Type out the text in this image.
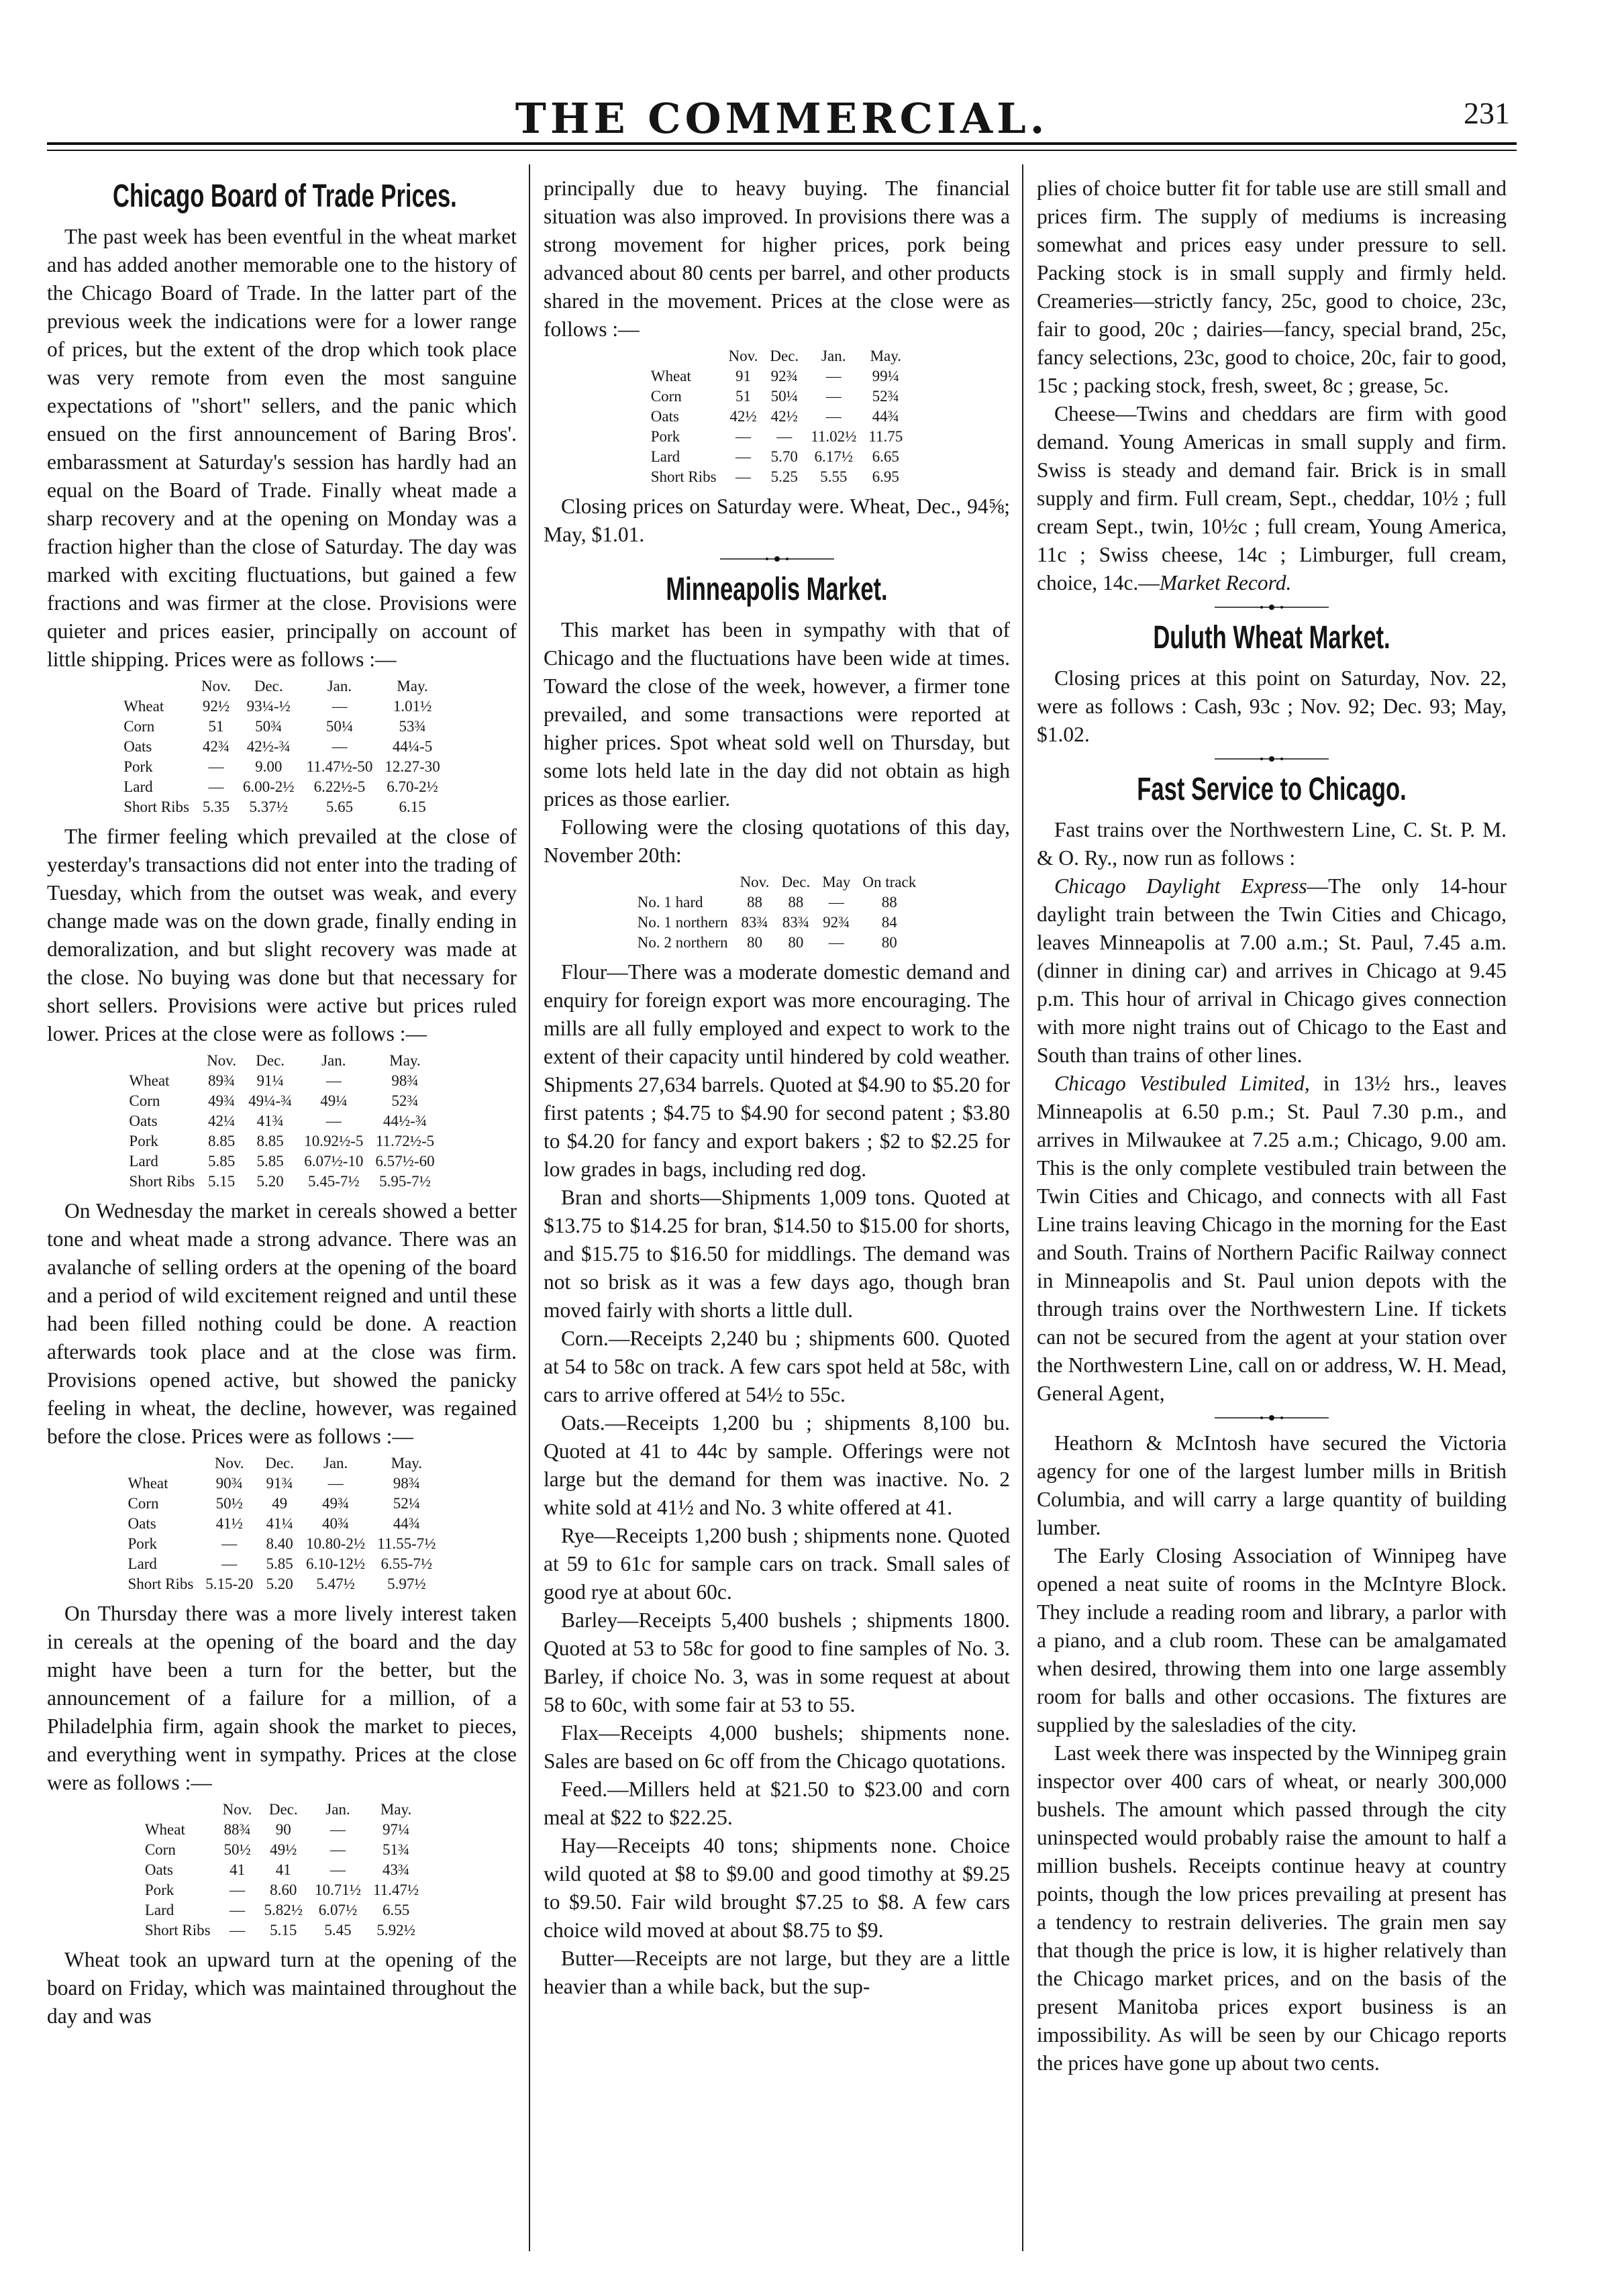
THE COMMERCIAL.	231
Chicago Board of Trade Prices.

The past week has been eventful in the wheat market and has added another memorable one to the history of the Chicago Board of Trade. In the latter part of the previous week the indications were for a lower range of prices, but the extent of the drop which took place was very remote from even the most sanguine expectations of "short" sellers, and the panic which ensued on the first announcement of Baring Bros'. embarassment at Saturday's session has hardly had an equal on the Board of Trade. Finally wheat made a sharp recovery and at the opening on Monday was a fraction higher than the close of Saturday. The day was marked with exciting fluctuations, but gained a few fractions and was firmer at the close. Provisions were quieter and prices easier, principally on account of little shipping. Prices were as follows :—

	Nov.	Dec.	Jan.	May.
Wheat	92½	93¼-½	—	1.01½
Corn	51	50¾	50¼	53¾
Oats	42¾	42½-¾	—	44¼-5
Pork	—	9.00	11.47½-50	12.27-30
Lard	—	6.00-2½	6.22½-5	6.70-2½
Short Ribs	5.35	5.37½	5.65	6.15

The firmer feeling which prevailed at the close of yesterday's transactions did not enter into the trading of Tuesday, which from the outset was weak, and every change made was on the down grade, finally ending in demoralization, and but slight recovery was made at the close. No buying was done but that necessary for short sellers. Provisions were active but prices ruled lower. Prices at the close were as follows :—

	Nov.	Dec.	Jan.	May.
Wheat	89¾	91¼	—	98¾
Corn	49¾	49¼-¾	49¼	52¾
Oats	42¼	41¾	—	44½-¾
Pork	8.85	8.85	10.92½-5	11.72½-5
Lard	5.85	5.85	6.07½-10	6.57½-60
Short Ribs	5.15	5.20	5.45-7½	5.95-7½

On Wednesday the market in cereals showed a better tone and wheat made a strong advance. There was an avalanche of selling orders at the opening of the board and a period of wild excitement reigned and until these had been filled nothing could be done. A reaction afterwards took place and at the close was firm. Provisions opened active, but showed the panicky feeling in wheat, the decline, however, was regained before the close. Prices were as follows :—

	Nov.	Dec.	Jan.	May.
Wheat	90¾	91¾	—	98¾
Corn	50½	49	49¾	52¼
Oats	41½	41¼	40¾	44¾
Pork	—	8.40	10.80-2½	11.55-7½
Lard	—	5.85	6.10-12½	6.55-7½
Short Ribs	5.15-20	5.20	5.47½	5.97½

On Thursday there was a more lively interest taken in cereals at the opening of the board and the day might have been a turn for the better, but the announcement of a failure for a million, of a Philadelphia firm, again shook the market to pieces, and everything went in sympathy. Prices at the close were as follows :—

	Nov.	Dec.	Jan.	May.
Wheat	88¾	90	—	97¼
Corn	50½	49½	—	51¾
Oats	41	41	—	43¾
Pork	—	8.60	10.71½	11.47½
Lard	—	5.82½	6.07½	6.55
Short Ribs	—	5.15	5.45	5.92½

Wheat took an upward turn at the opening of the board on Friday, which was maintained throughout the day and was

principally due to heavy buying. The financial situation was also improved. In provisions there was a strong movement for higher prices, pork being advanced about 80 cents per barrel, and other products shared in the movement. Prices at the close were as follows :—

	Nov.	Dec.	Jan.	May.
Wheat	91	92¾	—	99¼
Corn	51	50¼	—	52¾
Oats	42½	42½	—	44¾
Pork	—	—	11.02½	11.75
Lard	—	5.70	6.17½	6.65
Short Ribs	—	5.25	5.55	6.95

Closing prices on Saturday were. Wheat, Dec., 94⅝; May, $1.01.

Minneapolis Market.

This market has been in sympathy with that of Chicago and the fluctuations have been wide at times. Toward the close of the week, however, a firmer tone prevailed, and some transactions were reported at higher prices. Spot wheat sold well on Thursday, but some lots held late in the day did not obtain as high prices as those earlier.

Following were the closing quotations of this day, November 20th:

	Nov.	Dec.	May	On track
No. 1 hard	88	88	—	88
No. 1 northern	83¾	83¾	92¾	84
No. 2 northern	80	80	—	80

Flour—There was a moderate domestic demand and enquiry for foreign export was more encouraging. The mills are all fully employed and expect to work to the extent of their capacity until hindered by cold weather. Shipments 27,634 barrels. Quoted at $4.90 to $5.20 for first patents ; $4.75 to $4.90 for second patent ; $3.80 to $4.20 for fancy and export bakers ; $2 to $2.25 for low grades in bags, including red dog.

Bran and shorts—Shipments 1,009 tons. Quoted at $13.75 to $14.25 for bran, $14.50 to $15.00 for shorts, and $15.75 to $16.50 for middlings. The demand was not so brisk as it was a few days ago, though bran moved fairly with shorts a little dull.

Corn.—Receipts 2,240 bu ; shipments 600. Quoted at 54 to 58c on track. A few cars spot held at 58c, with cars to arrive offered at 54½ to 55c.

Oats.—Receipts 1,200 bu ; shipments 8,100 bu. Quoted at 41 to 44c by sample. Offerings were not large but the demand for them was inactive. No. 2 white sold at 41½ and No. 3 white offered at 41.

Rye—Receipts 1,200 bush ; shipments none. Quoted at 59 to 61c for sample cars on track. Small sales of good rye at about 60c.

Barley—Receipts 5,400 bushels ; shipments 1800. Quoted at 53 to 58c for good to fine samples of No. 3. Barley, if choice No. 3, was in some request at about 58 to 60c, with some fair at 53 to 55.

Flax—Receipts 4,000 bushels; shipments none. Sales are based on 6c off from the Chicago quotations.

Feed.—Millers held at $21.50 to $23.00 and corn meal at $22 to $22.25.

Hay—Receipts 40 tons; shipments none. Choice wild quoted at $8 to $9.00 and good timothy at $9.25 to $9.50. Fair wild brought $7.25 to $8. A few cars choice wild moved at about $8.75 to $9.

Butter—Receipts are not large, but they are a little heavier than a while back, but the sup-

plies of choice butter fit for table use are still small and prices firm. The supply of mediums is increasing somewhat and prices easy under pressure to sell. Packing stock is in small supply and firmly held. Creameries—strictly fancy, 25c, good to choice, 23c, fair to good, 20c ; dairies—fancy, special brand, 25c, fancy selections, 23c, good to choice, 20c, fair to good, 15c ; packing stock, fresh, sweet, 8c ; grease, 5c.

Cheese—Twins and cheddars are firm with good demand. Young Americas in small supply and firm. Swiss is steady and demand fair. Brick is in small supply and firm. Full cream, Sept., cheddar, 10½ ; full cream Sept., twin, 10½c ; full cream, Young America, 11c ; Swiss cheese, 14c ; Limburger, full cream, choice, 14c.—Market Record.

Duluth Wheat Market.

Closing prices at this point on Saturday, Nov. 22, were as follows : Cash, 93c ; Nov. 92; Dec. 93; May, $1.02.

Fast Service to Chicago.

Fast trains over the Northwestern Line, C. St. P. M. & O. Ry., now run as follows :

Chicago Daylight Express—The only 14-hour daylight train between the Twin Cities and Chicago, leaves Minneapolis at 7.00 a.m.; St. Paul, 7.45 a.m. (dinner in dining car) and arrives in Chicago at 9.45 p.m. This hour of arrival in Chicago gives connection with more night trains out of Chicago to the East and South than trains of other lines.

Chicago Vestibuled Limited, in 13½ hrs., leaves Minneapolis at 6.50 p.m.; St. Paul 7.30 p.m., and arrives in Milwaukee at 7.25 a.m.; Chicago, 9.00 am. This is the only complete vestibuled train between the Twin Cities and Chicago, and connects with all Fast Line trains leaving Chicago in the morning for the East and South. Trains of Northern Pacific Railway connect in Minneapolis and St. Paul union depots with the through trains over the Northwestern Line. If tickets can not be secured from the agent at your station over the Northwestern Line, call on or address, W. H. Mead, General Agent,

Heathorn & McIntosh have secured the Victoria agency for one of the largest lumber mills in British Columbia, and will carry a large quantity of building lumber.

The Early Closing Association of Winnipeg have opened a neat suite of rooms in the McIntyre Block. They include a reading room and library, a parlor with a piano, and a club room. These can be amalgamated when desired, throwing them into one large assembly room for balls and other occasions. The fixtures are supplied by the salesladies of the city.

Last week there was inspected by the Winnipeg grain inspector over 400 cars of wheat, or nearly 300,000 bushels. The amount which passed through the city uninspected would probably raise the amount to half a million bushels. Receipts continue heavy at country points, though the low prices prevailing at present has a tendency to restrain deliveries. The grain men say that though the price is low, it is higher relatively than the Chicago market prices, and on the basis of the present Manitoba prices export business is an impossibility. As will be seen by our Chicago reports the prices have gone up about two cents.
